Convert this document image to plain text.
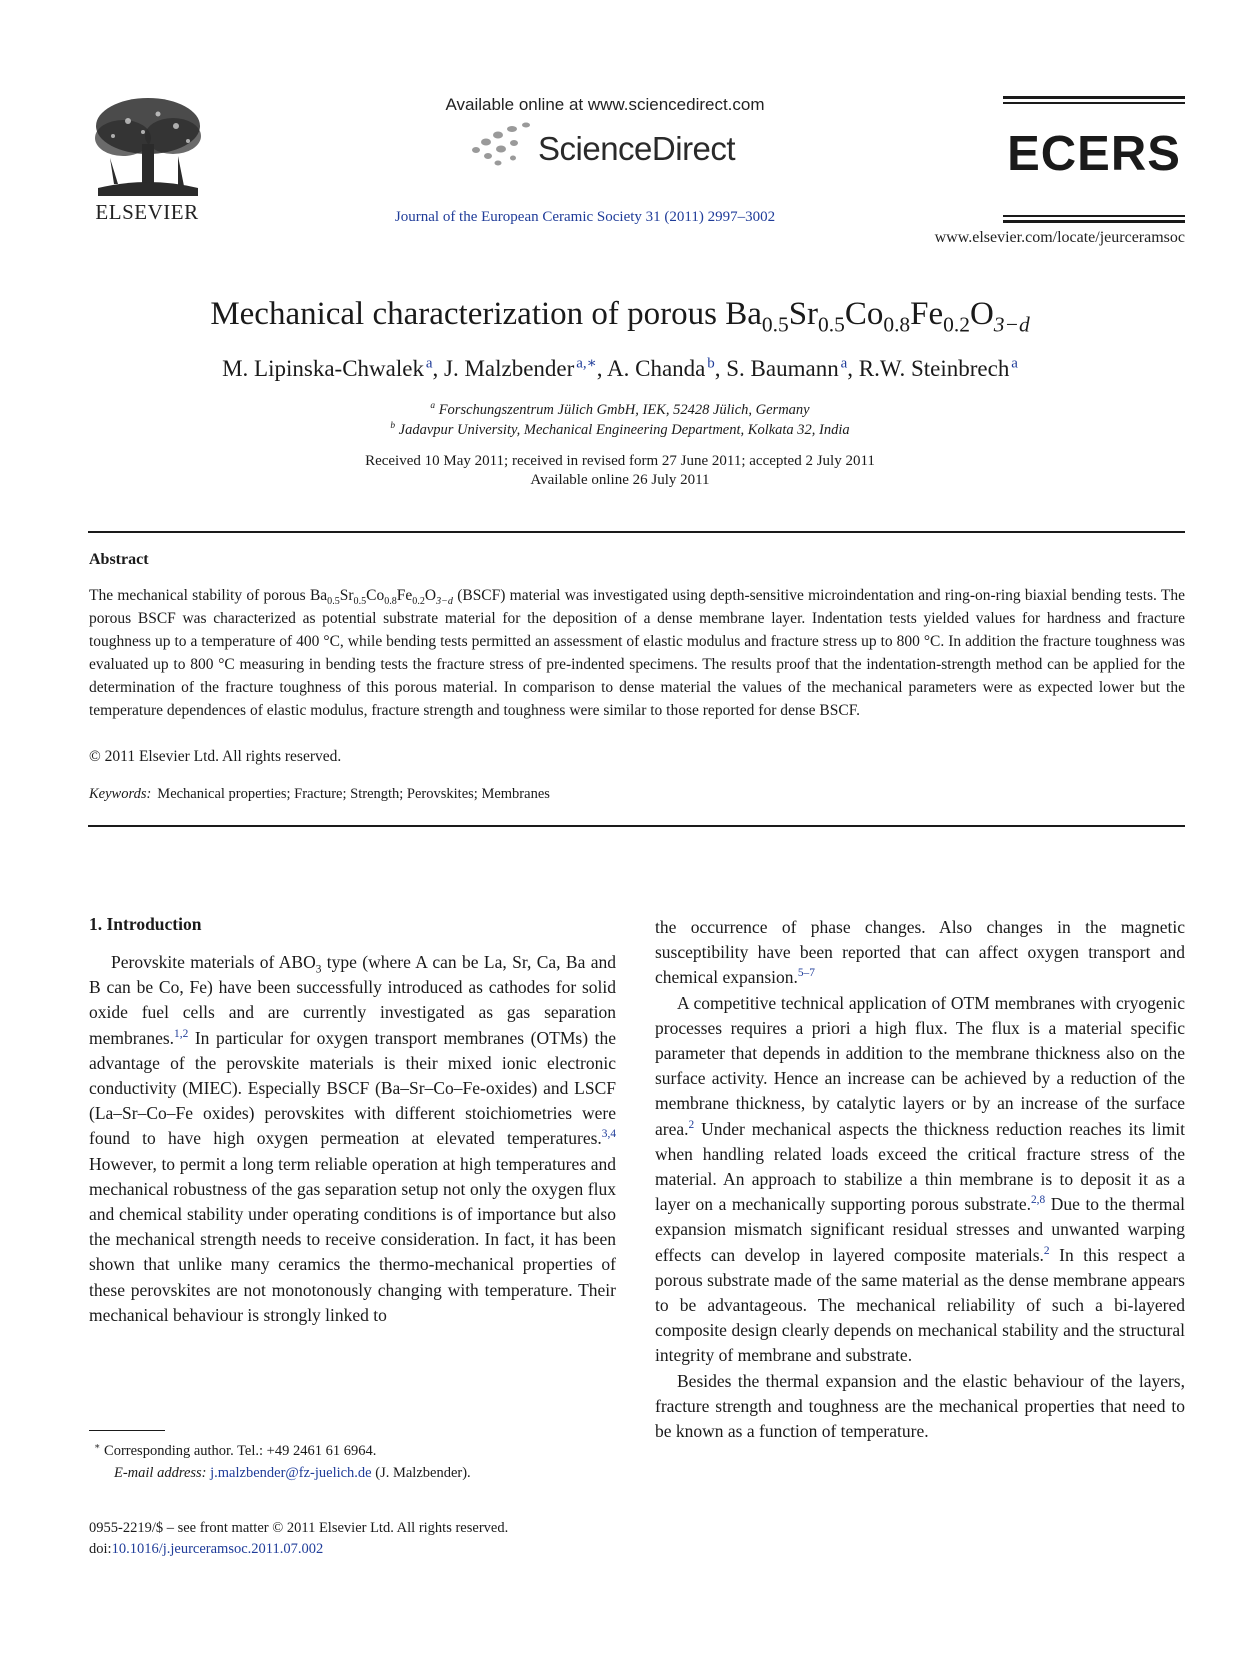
ELSEVIER
Available online at www.sciencedirect.com
ScienceDirect
Journal of the European Ceramic Society 31 (2011) 2997–3002
ECERS
www.elsevier.com/locate/jeurceramsoc
Mechanical characterization of porous $Ba_{0.5}Sr_{0.5}Co_{0.8}Fe_{0.2}O_{3-d}$
M. Lipinska-Chwalek  $^a$, J. Malzbender  $^{a,∗}$, A. Chanda  $^b$, S. Baumann  $^a$, R.W. Steinbrech  $^a$
$^a$ Forschungszentrum Jülich GmbH, IEK, 52428 Jülich, Germany
$^b$ Jadavpur University, Mechanical Engineering Department, Kolkata 32, India
Received 10 May 2011; received in revised form 27 June 2011; accepted 2 July 2011
Available online 26 July 2011
Abstract
The mechanical stability of porous $Ba_{0.5}Sr_{0.5}Co_{0.8}Fe_{0.2}O_{3-d}$ (BSCF) material was investigated using depth-sensitive microindentation and ring-on-ring biaxial bending tests. The porous BSCF was characterized as potential substrate material for the deposition of a dense membrane layer. Indentation tests yielded values for hardness and fracture toughness up to a temperature of 400 °C, while bending tests permitted an assessment of elastic modulus and fracture stress up to 800 °C. In addition the fracture toughness was evaluated up to 800 °C measuring in bending tests the fracture stress of pre-indented specimens. The results proof that the indentation-strength method can be applied for the determination of the fracture toughness of this porous material. In comparison to dense material the values of the mechanical parameters were as expected lower but the temperature dependences of elastic modulus, fracture strength and toughness were similar to those reported for dense BSCF.
© 2011 Elsevier Ltd. All rights reserved.
Keywords: Mechanical properties; Fracture; Strength; Perovskites; Membranes
1. Introduction

Perovskite materials of $ABO_3$ type (where A can be La, Sr, Ca, Ba and B can be Co, Fe) have been successfully introduced as cathodes for solid oxide fuel cells and are currently investigated as gas separation membranes.$^{1,2}$ In particular for oxygen transport membranes (OTMs) the advantage of the perovskite materials is their mixed ionic electronic conductivity (MIEC). Especially BSCF (Ba–Sr–Co–Fe-oxides) and LSCF (La–Sr–Co–Fe oxides) perovskites with different stoichiometries were found to have high oxygen permeation at elevated temperatures.$^{3,4}$ However, to permit a long term reliable operation at high temperatures and mechanical robustness of the gas separation setup not only the oxygen flux and chemical stability under operating conditions is of importance but also the mechanical strength needs to receive consideration. In fact, it has been shown that unlike many ceramics the thermo-mechanical properties of these perovskites are not monotonously changing with temperature. Their mechanical behaviour is strongly linked to

the occurrence of phase changes. Also changes in the magnetic susceptibility have been reported that can affect oxygen transport and chemical expansion.$^{5-7}$

A competitive technical application of OTM membranes with cryogenic processes requires a priori a high flux. The flux is a material specific parameter that depends in addition to the membrane thickness also on the surface activity. Hence an increase can be achieved by a reduction of the membrane thickness, by catalytic layers or by an increase of the surface area.$^2$ Under mechanical aspects the thickness reduction reaches its limit when handling related loads exceed the critical fracture stress of the material. An approach to stabilize a thin membrane is to deposit it as a layer on a mechanically supporting porous substrate.$^{2,8}$ Due to the thermal expansion mismatch significant residual stresses and unwanted warping effects can develop in layered composite materials.$^2$ In this respect a porous substrate made of the same material as the dense membrane appears to be advantageous. The mechanical reliability of such a bi-layered composite design clearly depends on mechanical stability and the structural integrity of membrane and substrate.

Besides the thermal expansion and the elastic behaviour of the layers, fracture strength and toughness are the mechanical properties that need to be known as a function of temperature.

∗ Corresponding author. Tel.: +49 2461 61 6964.
E-mail address: j.malzbender@fz-juelich.de (J. Malzbender).
0955-2219/$ – see front matter © 2011 Elsevier Ltd. All rights reserved.
doi:10.1016/j.jeurceramsoc.2011.07.002
